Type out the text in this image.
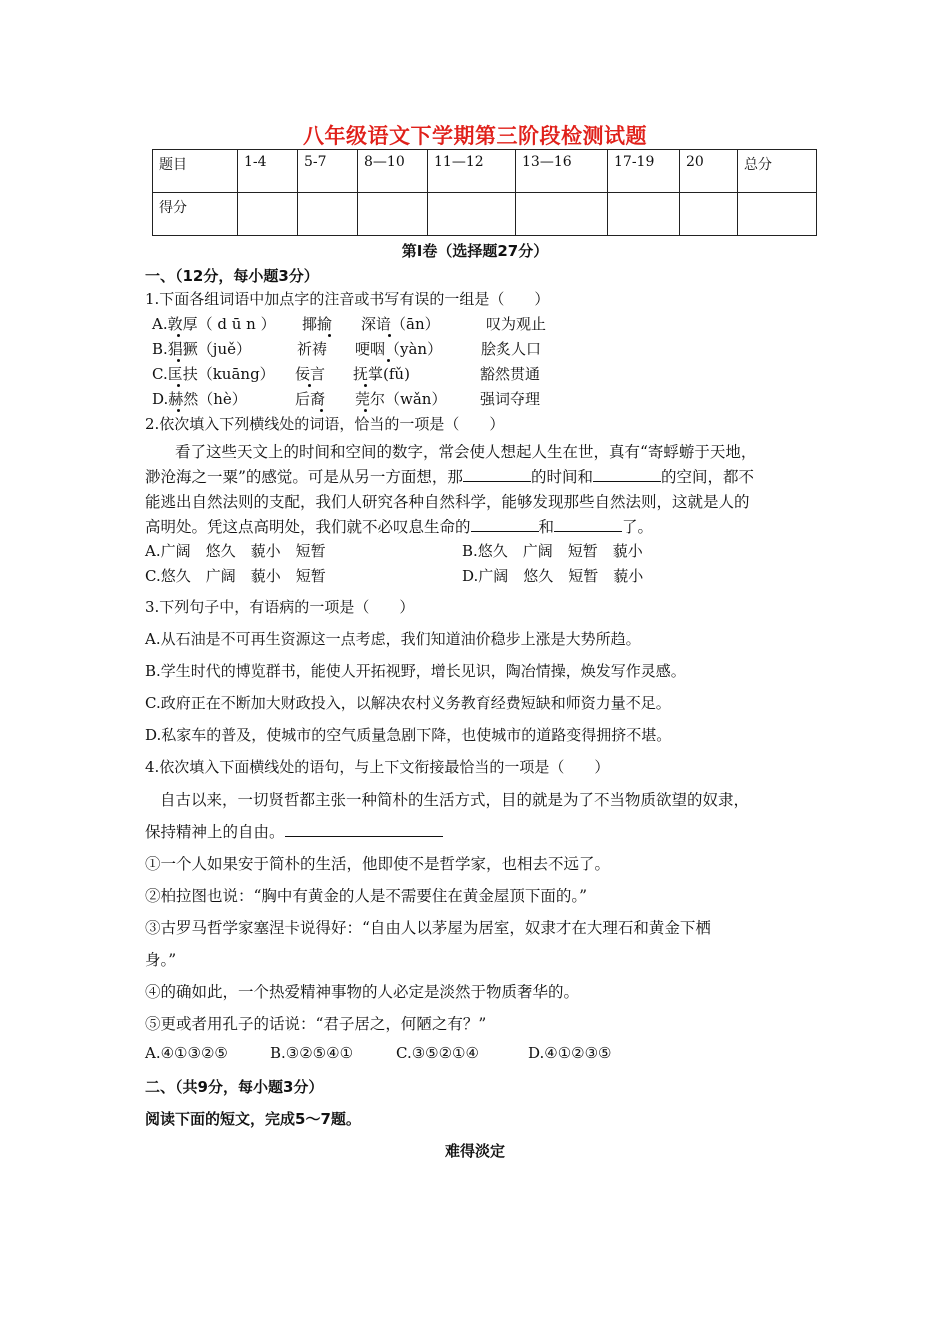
八年级语文下学期第三阶段检测试题
题目	1-4	5-7	8—10	11—12	13—16	17-19	20	总分
得分								
第Ⅰ卷（选择题27分）
一、（12分，每小题3分）
1.下面各组词语中加点字的注音或书写有误的一组是（　　）
A.敦厚（ d ū n ） 揶揄 深谙（ān）	叹为观止
B.猖獗（ju​ě）	祈祷 哽咽（yàn）	脍炙人口
C.匡扶（kuāng） 佞言 抚掌(fǔ)	豁然贯通
D.赫然（hè）	后裔 莞尔（wǎn） 强词夺理
2.依次填入下列横线处的词语，恰当的一项是（　　）
看了这些天文上的时间和空间的数字，常会使人想起人生在世，真有“寄蜉蝣于天地，
渺沧海之一粟”的感觉。可是从另一方面想，那	的时间和	的空间，都不
能逃出自然法则的支配，我们人研究各种自然科学，能够发现那些自然法则，这就是人的
高明处。凭这点高明处，我们就不必叹息生命的	和	了。
A.广阔　悠久　藐小　短暂	B.悠久　广阔　短暂　藐小
C.悠久　广阔　藐小　短暂	D.广阔　悠久　短暂　藐小
3.下列句子中，有语病的一项是（　　）
A.从石油是不可再生资源这一点考虑，我们知道油价稳步上涨是大势所趋。
B.学生时代的博览群书，能使人开拓视野，增长见识，陶冶情操，焕发写作灵感。
C.政府正在不断加大财政投入，以解决农村义务教育经费短缺和师资力量不足。
D.私家车的普及，使城市的空气质量急剧下降，也使城市的道路变得拥挤不堪。
4.依次填入下面横线处的语句，与上下文衔接最恰当的一项是（　　）
自古以来，一切贤哲都主张一种简朴的生活方式，目的就是为了不当物质欲望的奴隶，
保持精神上的自由。
①一个人如果安于简朴的生活，他即使不是哲学家，也相去不远了。
②柏拉图也说：“胸中有黄金的人是不需要住在黄金屋顶下面的。”
③古罗马哲学家塞涅卡说得好：“自由人以茅屋为居室，奴隶才在大理石和黄金下栖
身。”
④的确如此，一个热爱精神事物的人必定是淡然于物质奢华的。
⑤更或者用孔子的话说：“君子居之，何陋之有？”
A.④①③②⑤	B.③②⑤④①	C.③⑤②①④	D.④①②③⑤
二、（共9分，每小题3分）
阅读下面的短文，完成5～7题。
难得淡定
